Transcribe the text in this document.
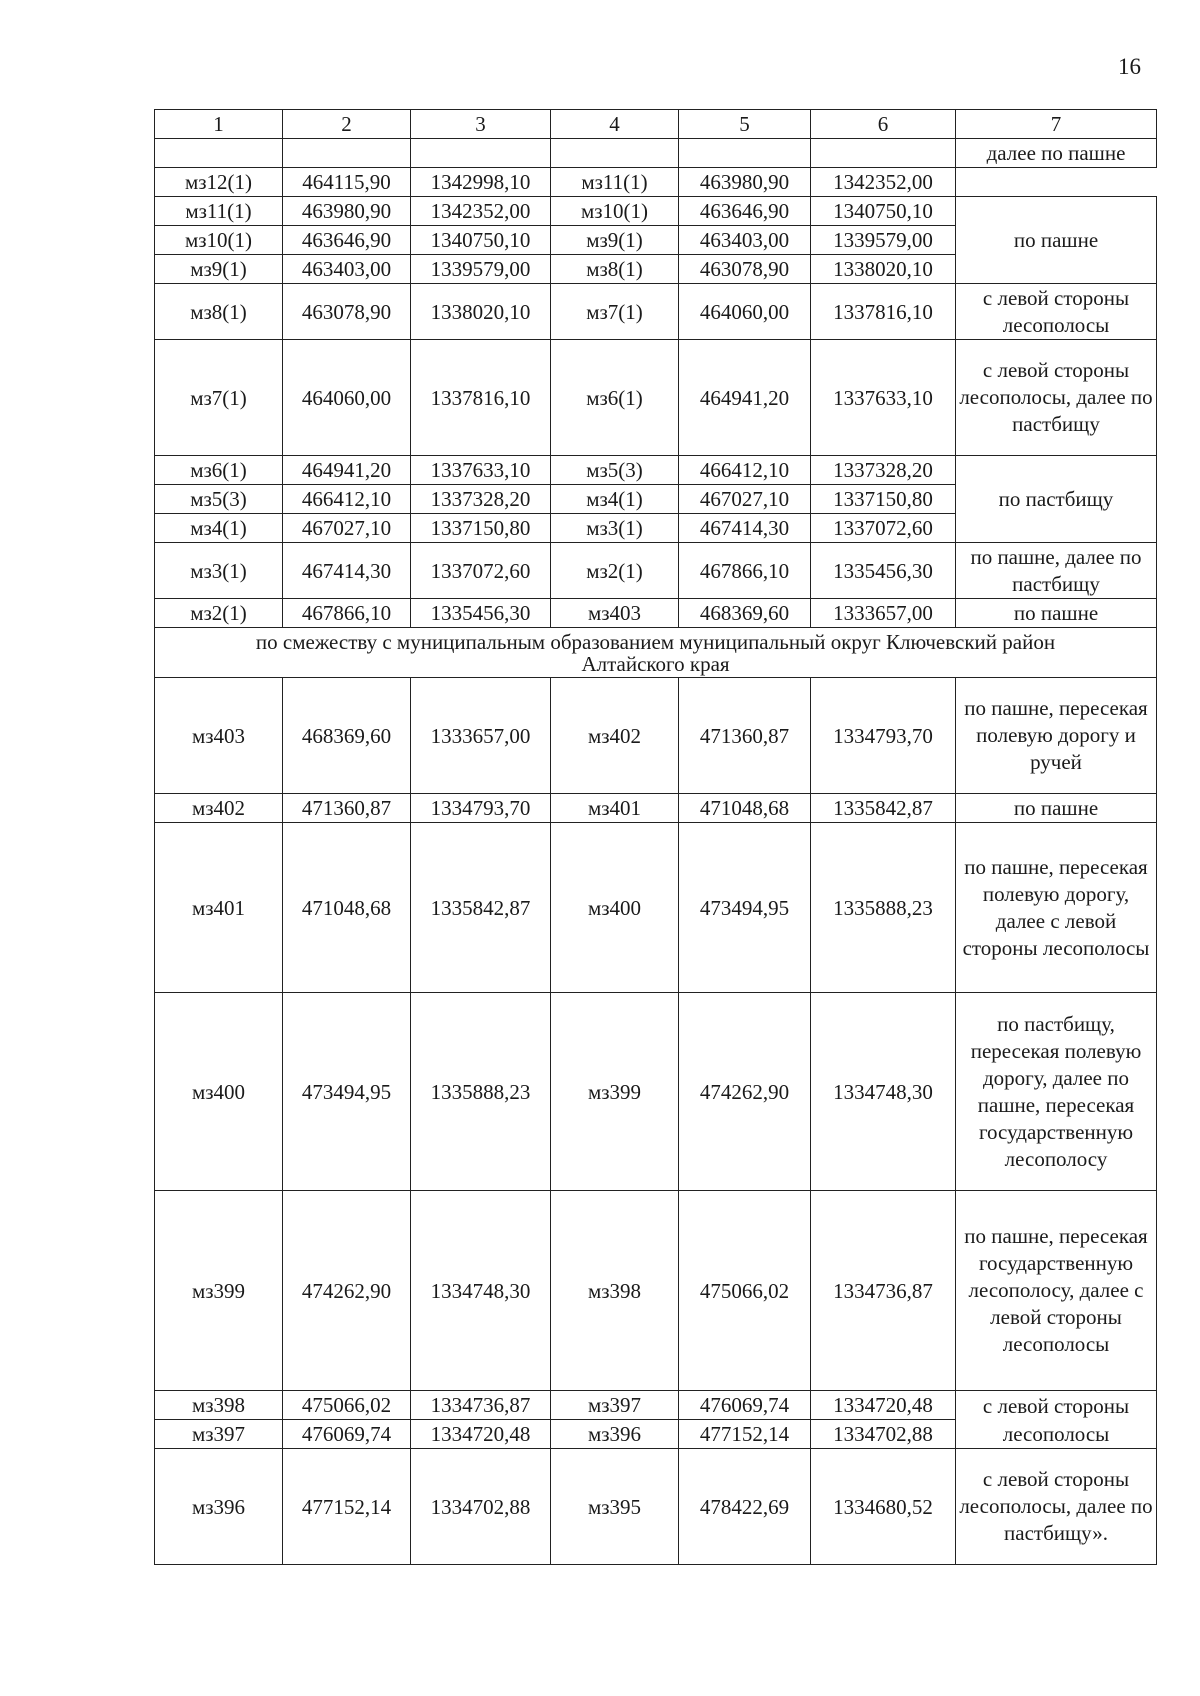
16
1	2	3	4	5	6	7
						далее по пашне
мз12(1)	464115,90	1342998,10	мз11(1)	463980,90	1342352,00	
мз11(1)	463980,90	1342352,00	мз10(1)	463646,90	1340750,10	по пашне
мз10(1)	463646,90	1340750,10	мз9(1)	463403,00	1339579,00	
мз9(1)	463403,00	1339579,00	мз8(1)	463078,90	1338020,10	
мз8(1)	463078,90	1338020,10	мз7(1)	464060,00	1337816,10	с левой стороны лесополосы
мз7(1)	464060,00	1337816,10	мз6(1)	464941,20	1337633,10	с левой стороны лесополосы, далее по пастбищу
мз6(1)	464941,20	1337633,10	мз5(3)	466412,10	1337328,20	по пастбищу
мз5(3)	466412,10	1337328,20	мз4(1)	467027,10	1337150,80	
мз4(1)	467027,10	1337150,80	мз3(1)	467414,30	1337072,60	
мз3(1)	467414,30	1337072,60	мз2(1)	467866,10	1335456,30	по пашне, далее по пастбищу
мз2(1)	467866,10	1335456,30	мз403	468369,60	1333657,00	по пашне
по смежеству с муниципальным образованием муниципальный округ Ключевский район Алтайского края						
мз403	468369,60	1333657,00	мз402	471360,87	1334793,70	по пашне, пересекая полевую дорогу и ручей
мз402	471360,87	1334793,70	мз401	471048,68	1335842,87	по пашне
мз401	471048,68	1335842,87	мз400	473494,95	1335888,23	по пашне, пересекая полевую дорогу, далее с левой стороны лесополосы
мз400	473494,95	1335888,23	мз399	474262,90	1334748,30	по пастбищу, пересекая полевую дорогу, далее по пашне, пересекая государственную лесополосу
мз399	474262,90	1334748,30	мз398	475066,02	1334736,87	по пашне, пересекая государственную лесополосу, далее с левой стороны лесополосы
мз398	475066,02	1334736,87	мз397	476069,74	1334720,48	с левой стороны лесополосы
мз397	476069,74	1334720,48	мз396	477152,14	1334702,88	
мз396	477152,14	1334702,88	мз395	478422,69	1334680,52	с левой стороны лесополосы, далее по пастбищу».
